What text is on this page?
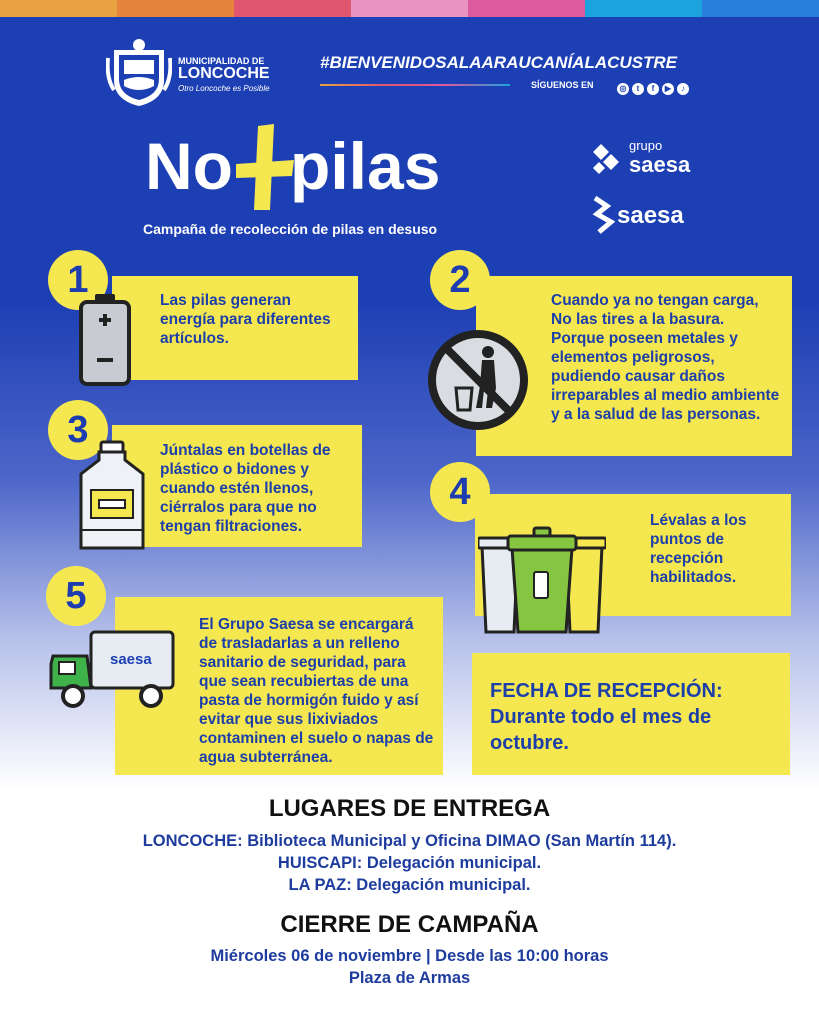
MUNICIPALIDAD DE
LONCOCHE
Otro Loncoche es Posible
#BIENVENIDOSALAARAUCANÍALACUSTRE
SÍGUENOS EN	◎ t f ▶ ♪
No pilas
Campaña de recolección de pilas en desuso
grupo
saesa
saesa
1	Las pilas generan energía para diferentes artículos.
2	Cuando ya no tengan carga, No las tires a la basura. Porque poseen metales y elementos peligrosos, pudiendo causar daños irreparables al medio ambiente y a la salud de las personas.
3	Júntalas en botellas de plástico o bidones y cuando estén llenos, ciérralos para que no tengan filtraciones.
4
Lévalas a los puntos de recepción habilitados.
5
saesa
El Grupo Saesa se encargará de trasladarlas a un relleno sanitario de seguridad, para que sean recubiertas de una pasta de hormigón fuido y así evitar que sus lixiviados contaminen el suelo o napas de agua subterránea.
FECHA DE RECEPCIÓN:
Durante todo el mes de octubre.
LUGARES DE ENTREGA
LONCOCHE: Biblioteca Municipal y Oficina DIMAO (San Martín 114).
HUISCAPI: Delegación municipal.
LA PAZ: Delegación municipal.
CIERRE DE CAMPAÑA
Miércoles 06 de noviembre | Desde las 10:00 horas
Plaza de Armas
